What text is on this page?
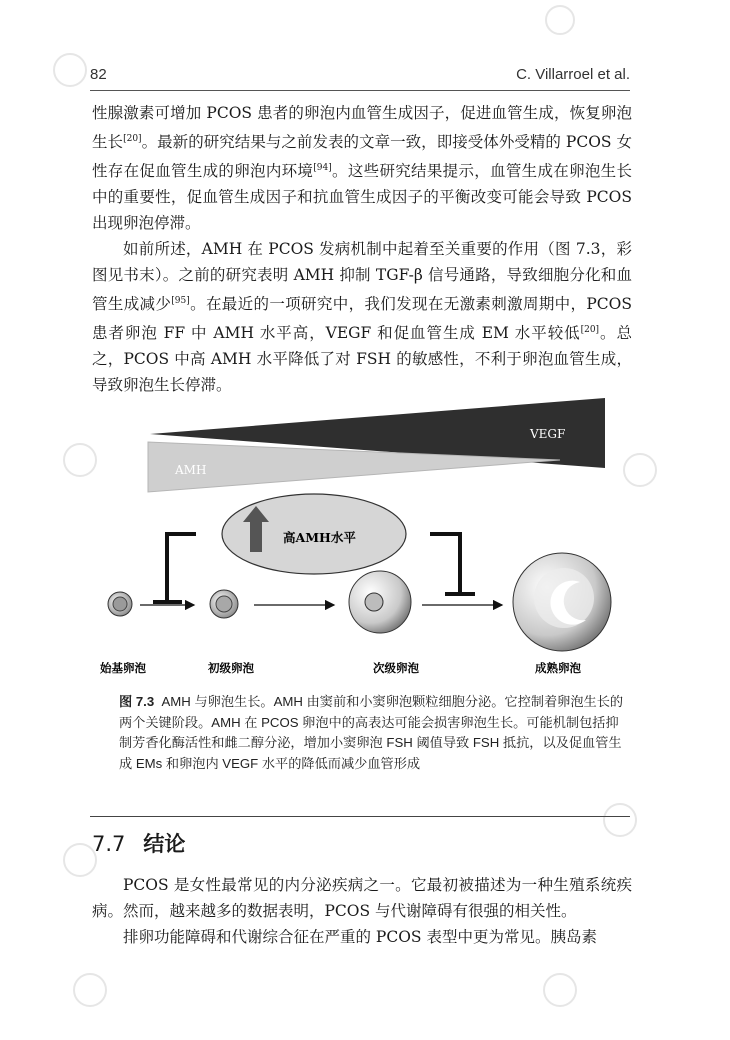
82	C. Villarroel et al.

性腺激素可增加 PCOS 患者的卵泡内血管生成因子，促进血管生成，恢复卵泡生长[20]。最新的研究结果与之前发表的文章一致，即接受体外受精的 PCOS 女性存在促血管生成的卵泡内环境[94]。这些研究结果提示，血管生成在卵泡生长中的重要性，促血管生成因子和抗血管生成因子的平衡改变可能会导致 PCOS 出现卵泡停滞。

如前所述，AMH 在 PCOS 发病机制中起着至关重要的作用（图 7.3，彩图见书末）。之前的研究表明 AMH 抑制 TGF-β 信号通路，导致细胞分化和血管生成减少[95]。在最近的一项研究中，我们发现在无激素刺激周期中，PCOS 患者卵泡 FF 中 AMH 水平高，VEGF 和促血管生成 EM 水平较低[20]。总之，PCOS 中高 AMH 水平降低了对 FSH 的敏感性，不利于卵泡血管生成，导致卵泡生长停滞。

VEGF
AMH
高AMH水平
始基卵泡	初级卵泡	次级卵泡	成熟卵泡
图 7.3 AMH 与卵泡生长。AMH 由窦前和小窦卵泡颗粒细胞分泌。它控制着卵泡生长的两个关键阶段。AMH 在 PCOS 卵泡中的高表达可能会损害卵泡生长。可能机制包括抑制芳香化酶活性和雌二醇分泌，增加小窦卵泡 FSH 阈值导致 FSH 抵抗，以及促血管生成 EMs 和卵泡内 VEGF 水平的降低而减少血管形成
7.7 结论

PCOS 是女性最常见的内分泌疾病之一。它最初被描述为一种生殖系统疾病。然而，越来越多的数据表明，PCOS 与代谢障碍有很强的相关性。

排卵功能障碍和代谢综合征在严重的 PCOS 表型中更为常见。胰岛素
